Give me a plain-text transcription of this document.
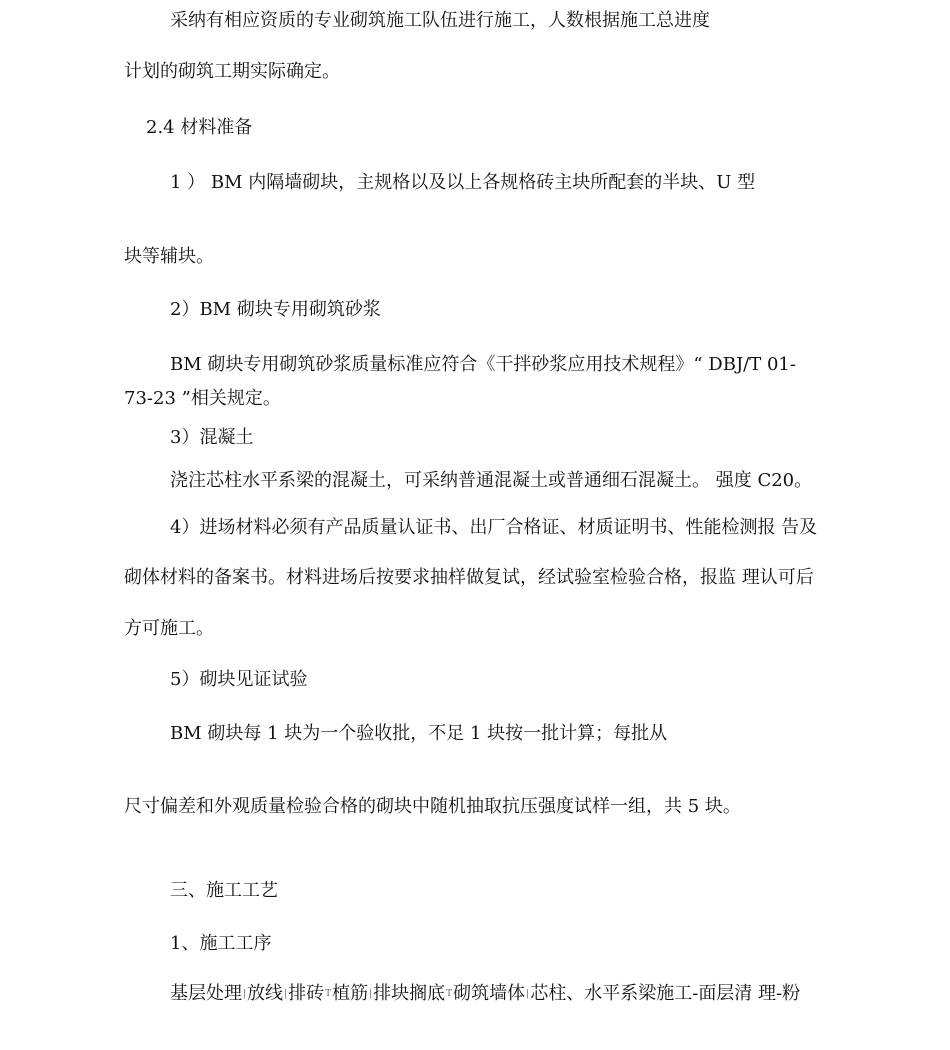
采纳有相应资质的专业砌筑施工队伍进行施工，人数根据施工总进度
计划的砌筑工期实际确定。
2.4 材料准备
1 ） BM 内隔墙砌块，主规格以及以上各规格砖主块所配套的半块、U 型
块等辅块。
2）BM 砌块专用砌筑砂浆
BM 砌块专用砌筑砂浆质量标准应符合《干拌砂浆应用技术规程》“ DBJ/T 01-
73-23 ”相关规定。
3）混凝土
浇注芯柱水平系梁的混凝土，可采纳普通混凝土或普通细石混凝土。 强度 C20。
4）进场材料必须有产品质量认证书、出厂合格证、材质证明书、性能检测报 告及
砌体材料的备案书。材料进场后按要求抽样做复试，经试验室检验合格，报监 理认可后
方可施工。
5）砌块见证试验
BM 砌块每 1 块为一个验收批，不足 1 块按一批计算；每批从
尺寸偏差和外观质量检验合格的砌块中随机抽取抗压强度试样一组，共 5 块。
三、施工工艺
1、施工工序
基层处理|放线|排砖T植筋|排块搁底T砌筑墙体|芯柱、水平系梁施工-面层清 理-粉
